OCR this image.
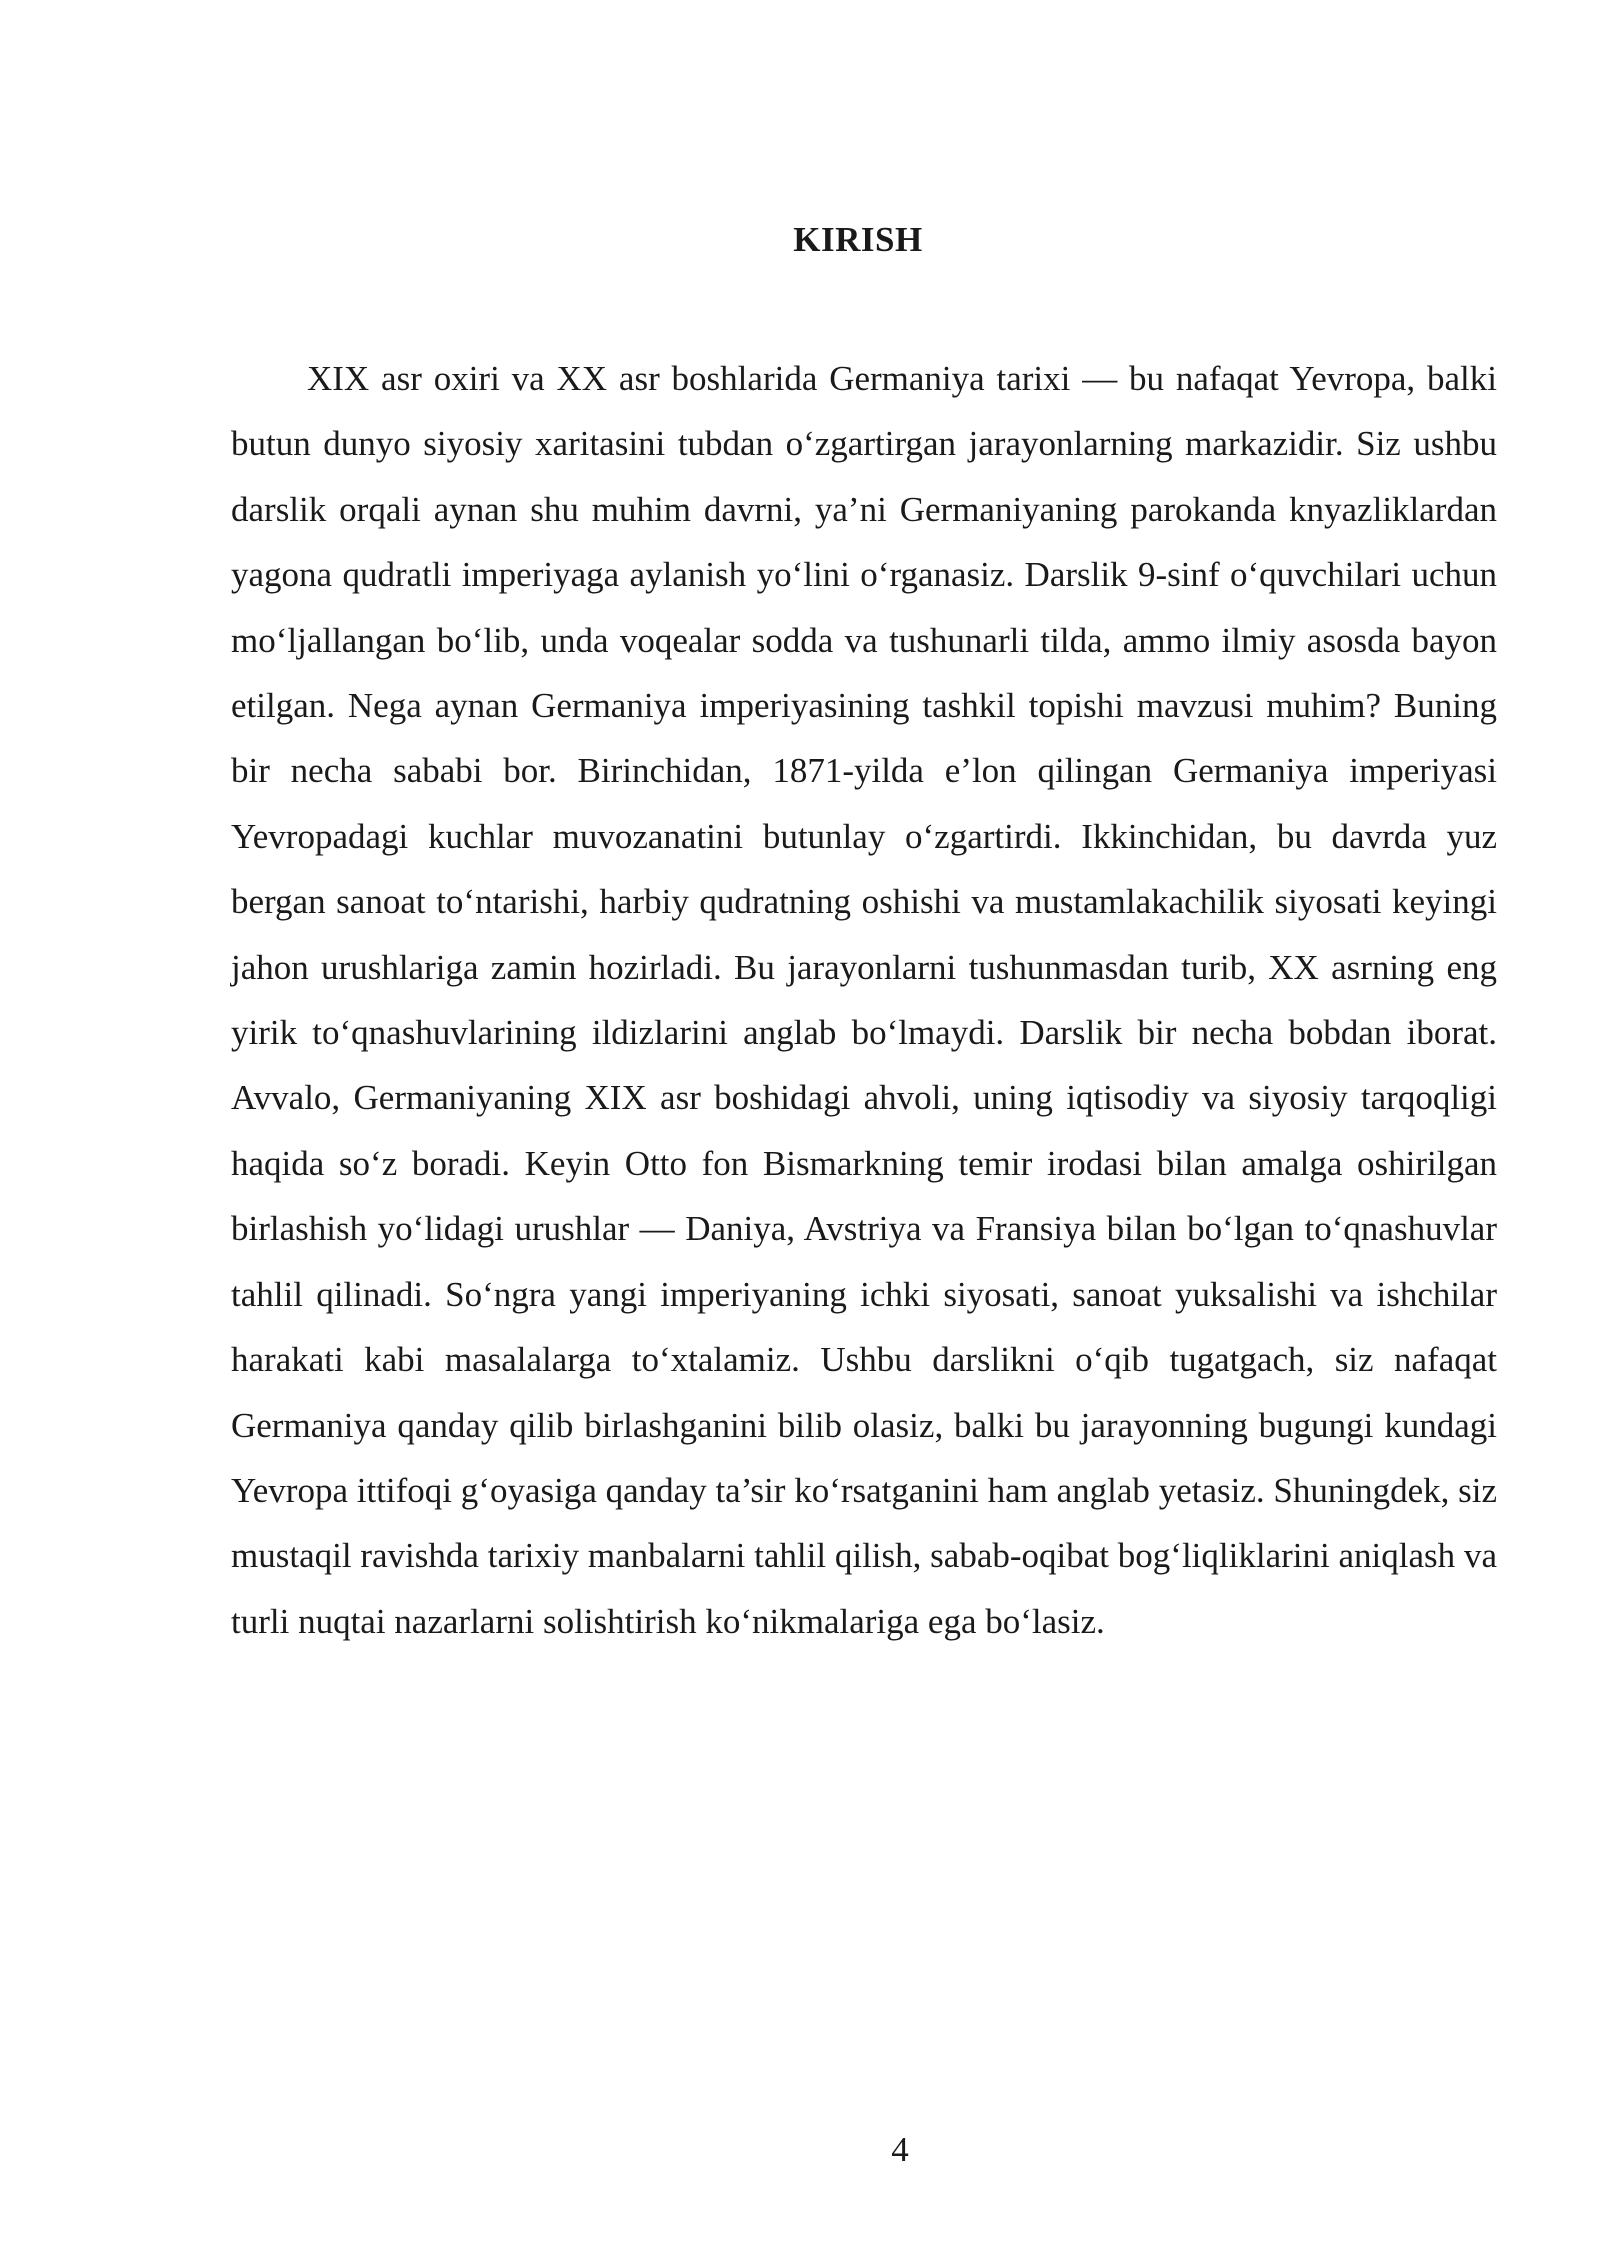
KIRISH

XIX asr oxiri va XX asr boshlarida Germaniya tarixi — bu nafaqat Yevropa, balki butun dunyo siyosiy xaritasini tubdan o‘zgartirgan jarayonlarning markazidir. Siz ushbu darslik orqali aynan shu muhim davrni, ya’ni Germaniyaning parokanda knyazliklardan yagona qudratli imperiyaga aylanish yo‘lini o‘rganasiz. Darslik 9-sinf o‘quvchilari uchun mo‘ljallangan bo‘lib, unda voqealar sodda va tushunarli tilda, ammo ilmiy asosda bayon etilgan. Nega aynan Germaniya imperiyasining tashkil topishi mavzusi muhim? Buning bir necha sababi bor. Birinchidan, 1871-yilda e’lon qilingan Germaniya imperiyasi Yevropadagi kuchlar muvozanatini butunlay o‘zgartirdi. Ikkinchidan, bu davrda yuz bergan sanoat to‘ntarishi, harbiy qudratning oshishi va mustamlakachilik siyosati keyingi jahon urushlariga zamin hozirladi. Bu jarayonlarni tushunmasdan turib, XX asrning eng yirik to‘qnashuvlarining ildizlarini anglab bo‘lmaydi. Darslik bir necha bobdan iborat. Avvalo, Germaniyaning XIX asr boshidagi ahvoli, uning iqtisodiy va siyosiy tarqoqligi haqida so‘z boradi. Keyin Otto fon Bismarkning temir irodasi bilan amalga oshirilgan birlashish yo‘lidagi urushlar — Daniya, Avstriya va Fransiya bilan bo‘lgan to‘qnashuvlar tahlil qilinadi. So‘ngra yangi imperiyaning ichki siyosati, sanoat yuksalishi va ishchilar harakati kabi masalalarga to‘xtalamiz. Ushbu darslikni o‘qib tugatgach, siz nafaqat Germaniya qanday qilib birlashganini bilib olasiz, balki bu jarayonning bugungi kundagi Yevropa ittifoqi g‘oyasiga qanday ta’sir ko‘rsatganini ham anglab yetasiz. Shuningdek, siz mustaqil ravishda tarixiy manbalarni tahlil qilish, sabab-oqibat bog‘liqliklarini aniqlash va turli nuqtai nazarlarni solishtirish ko‘nikmalariga ega bo‘lasiz.

4
